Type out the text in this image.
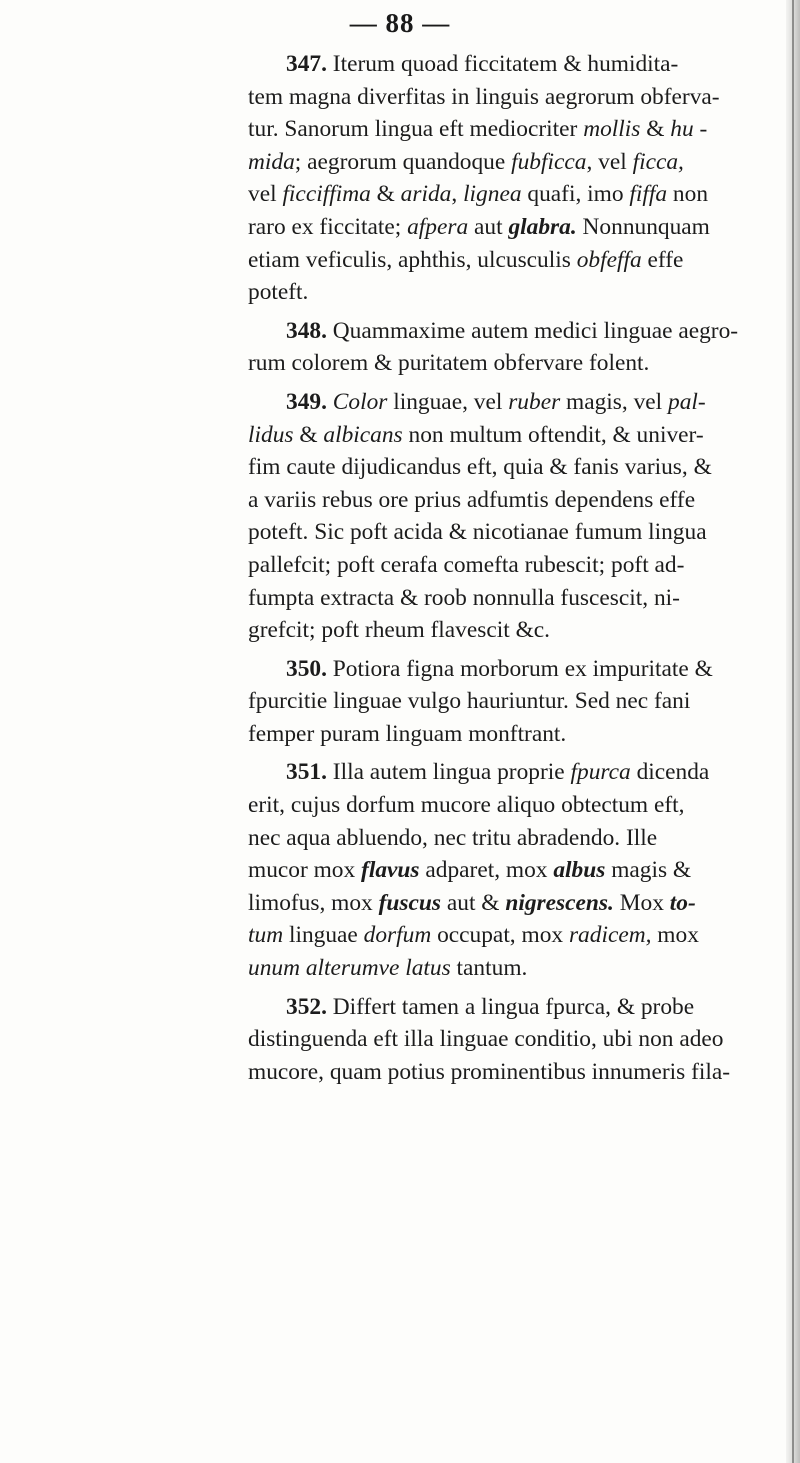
— 88 —
347. Iterum quoad ficcitatem & humidita-
tem magna diverfitas in linguis aegrorum obferva-
tur. Sanorum lingua eft mediocriter mollis & hu -
mida; aegrorum quandoque fubficca, vel ficca,
vel ficciffima & arida, lignea quafi, imo fiffa non
raro ex ficcitate; afpera aut glabra. Nonnunquam
etiam veficulis, aphthis, ulcusculis obfeffa effe
poteft.
348. Quammaxime autem medici linguae aegro-
rum colorem & puritatem obfervare folent.
349. Color linguae, vel ruber magis, vel pal-
lidus & albicans non multum oftendit, & univer-
fim caute dijudicandus eft, quia & fanis varius, &
a variis rebus ore prius adfumtis dependens effe
poteft. Sic poft acida & nicotianae fumum lingua
pallefcit; poft cerafa comefta rubescit; poft ad-
fumpta extracta & roob nonnulla fuscescit, ni-
grefcit; poft rheum flavescit &c.
350. Potiora figna morborum ex impuritate &
fpurcitie linguae vulgo hauriuntur. Sed nec fani
femper puram linguam monftrant.
351. Illa autem lingua proprie fpurca dicenda
erit, cujus dorfum mucore aliquo obtectum eft,
nec aqua abluendo, nec tritu abradendo. Ille
mucor mox flavus adparet, mox albus magis &
limofus, mox fuscus aut & nigrescens. Mox to-
tum linguae dorfum occupat, mox radicem, mox
unum alterumve latus tantum.
352. Differt tamen a lingua fpurca, & probe
distinguenda eft illa linguae conditio, ubi non adeo
mucore, quam potius prominentibus innumeris fila-
